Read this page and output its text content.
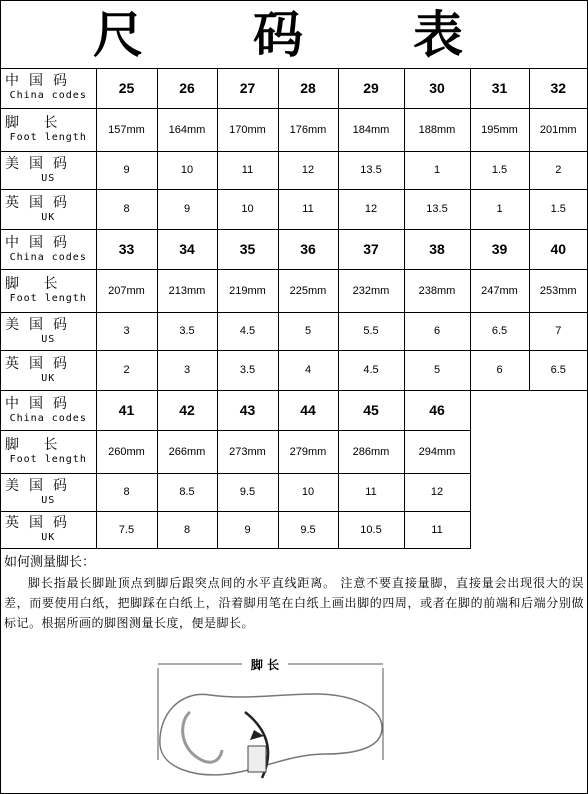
尺 码 表
中国码
China codes	25	26	27	28	29	30	31	32

脚 长
Foot length	157mm	164mm	170mm	176mm	184mm	188mm	195mm	201mm

美国码
US	9	10	11	12	13.5	1	1.5	2

英国码
UK	8	9	10	11	12	13.5	1	1.5

中国码
China codes	33	34	35	36	37	38	39	40

脚 长
Foot length	207mm	213mm	219mm	225mm	232mm	238mm	247mm	253mm

美国码
US	3	3.5	4.5	5	5.5	6	6.5	7

英国码
UK	2	3	3.5	4	4.5	5	6	6.5

中国码
China codes	41	42	43	44	45	46		

脚 长
Foot length	260mm	266mm	273mm	279mm	286mm	294mm		

美国码
US	8	8.5	9.5	10	11	12		

英国码
UK	7.5	8	9	9.5	10.5	11		
如何测量脚长：

脚长指最长脚趾顶点到脚后跟突点间的水平直线距离。 注意不要直接量脚，直接量会出现很大的误差，而要使用白纸，把脚踩在白纸上，沿着脚用笔在白纸上画出脚的四周，或者在脚的前端和后端分别做标记。根据所画的脚图测量长度，便是脚长。

脚 长
